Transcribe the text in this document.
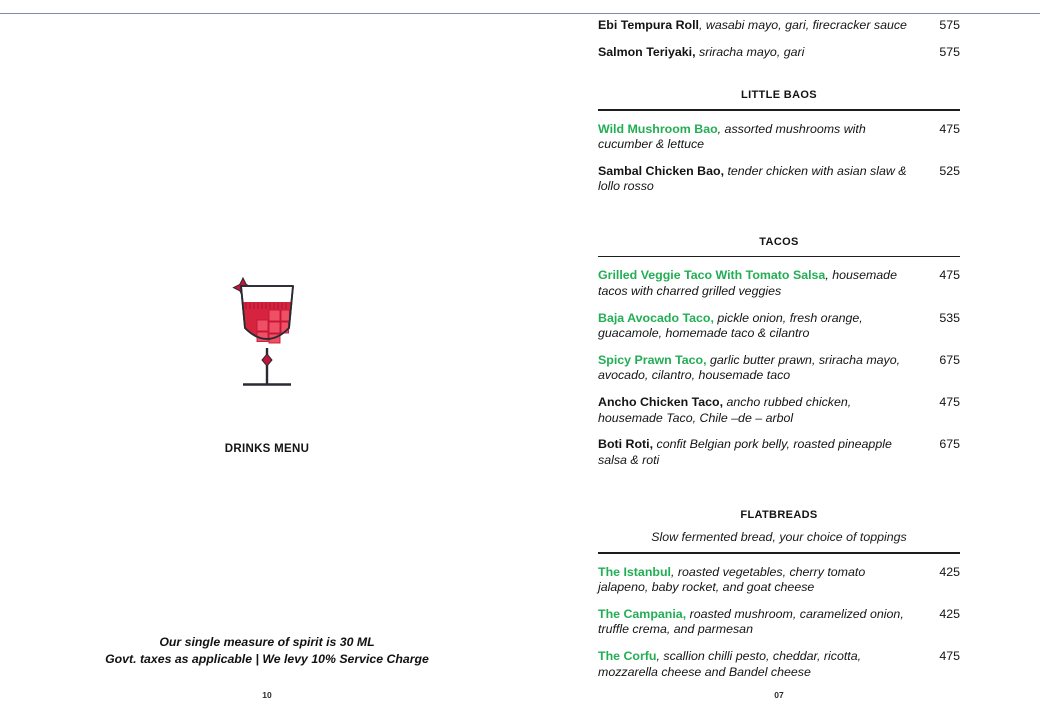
DRINKS MENU
Our single measure of spirit is 30 ML
Govt. taxes as applicable | We levy 10% Service Charge
10
Ebi Tempura Roll, wasabi mayo, gari, firecracker sauce	575
Salmon Teriyaki, sriracha mayo, gari	575
LITTLE BAOS
Wild Mushroom Bao, assorted mushrooms with cucumber & lettuce
475
Sambal Chicken Bao, tender chicken with asian slaw & lollo rosso
525
TACOS
Grilled Veggie Taco With Tomato Salsa, housemade tacos with charred grilled veggies
475
Baja Avocado Taco, pickle onion, fresh orange, guacamole, homemade taco & cilantro
535
Spicy Prawn Taco, garlic butter prawn, sriracha mayo, avocado, cilantro, housemade taco
675
Ancho Chicken Taco, ancho rubbed chicken, housemade Taco, Chile –de – arbol
475
Boti Roti, confit Belgian pork belly, roasted pineapple salsa & roti
675
FLATBREADS
Slow fermented bread, your choice of toppings
The Istanbul, roasted vegetables, cherry tomato jalapeno, baby rocket, and goat cheese
425
The Campania, roasted mushroom, caramelized onion, truffle crema, and parmesan
425
The Corfu, scallion chilli pesto, cheddar, ricotta, mozzarella cheese and Bandel cheese
475
07
